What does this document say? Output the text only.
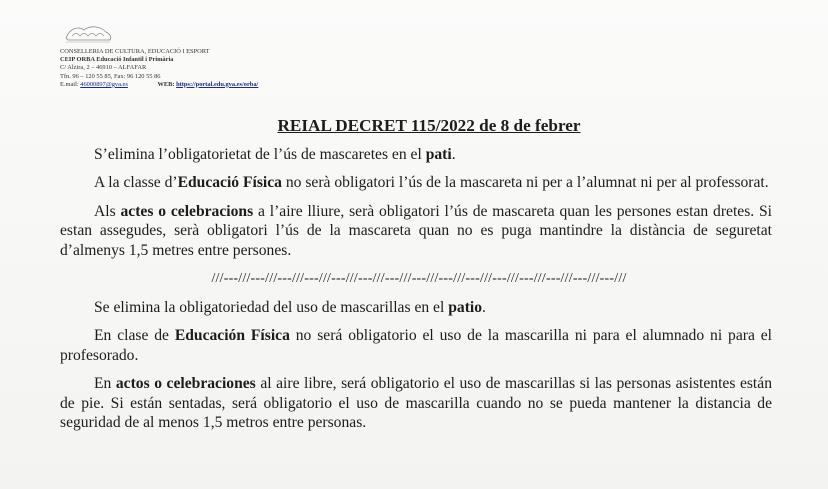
CONSELLERIA DE CULTURA, EDUCACIÓ I ESPORT
CEIP ORBA Educació Infantil i Primària
C/ Alzira, 2 – 46910 – ALFAFAR
Tfn. 96 – 120 55 85, Fax: 96 120 55 86
E.mail: 46000897@gva.es	WEB: https://portal.edu.gva.es/orba/
REIAL DECRET 115/2022 de 8 de febrer

S’elimina l’obligatorietat de l’ús de mascaretes en el pati.

A la classe d’Educació Física no serà obligatori l’ús de la mascareta ni per a l’alumnat ni per al professorat.

Als actes o celebracions a l’aire lliure, serà obligatori l’ús de mascareta quan les persones estan dretes. Si estan assegudes, serà obligatori l’ús de la mascareta quan no es puga mantindre la distància de seguretat d’almenys 1,5 metres entre persones.

///---///---///---///---///---///---///---///---///---///---///---///---///---///---///---///

Se elimina la obligatoriedad del uso de mascarillas en el patio.

En clase de Educación Física no será obligatorio el uso de la mascarilla ni para el alumnado ni para el profesorado.

En actos o celebraciones al aire libre, será obligatorio el uso de mascarillas si las personas asistentes están de pie. Si están sentadas, será obligatorio el uso de mascarilla cuando no se pueda mantener la distancia de seguridad de al menos 1,5 metros entre personas.
